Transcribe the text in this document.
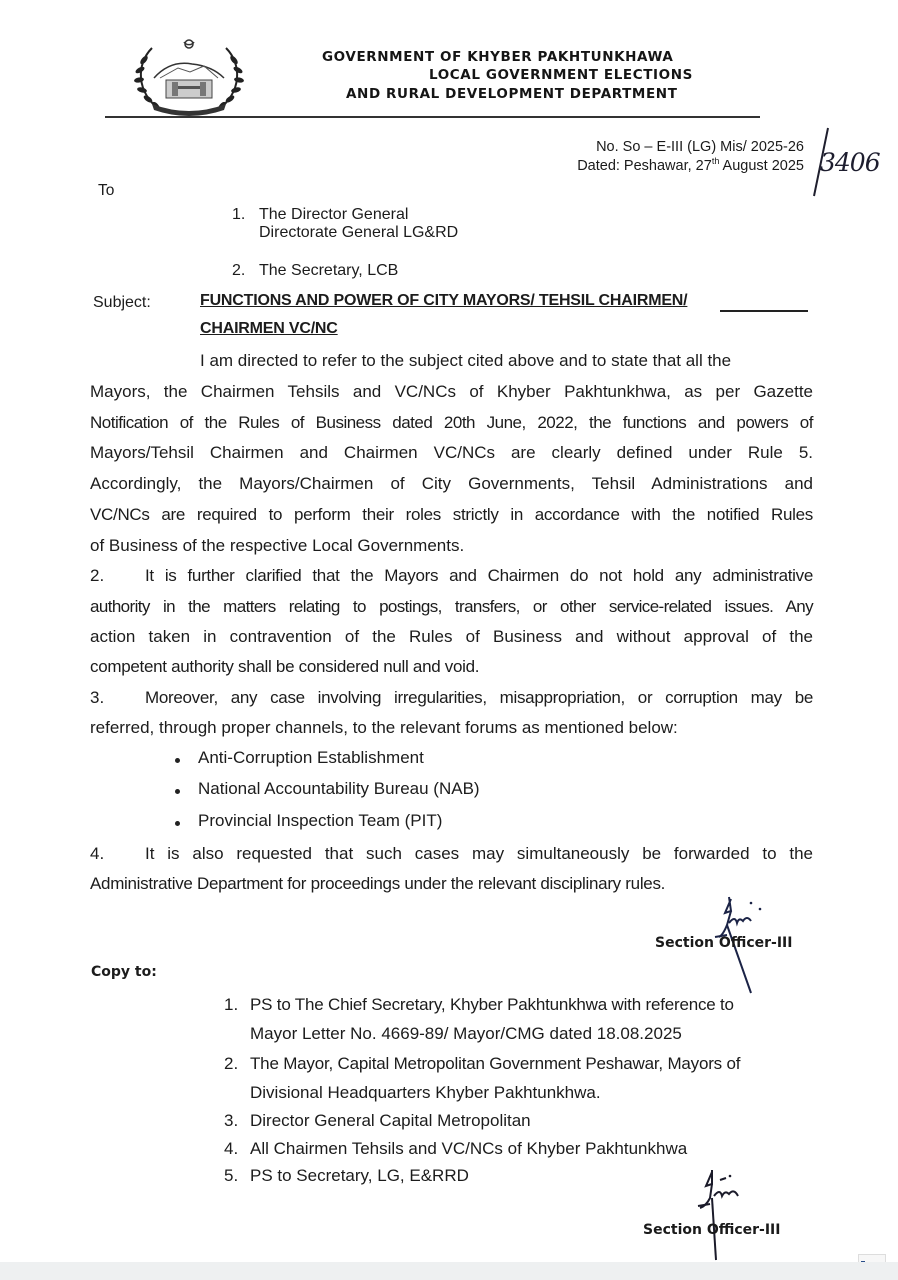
GOVERNMENT OF KHYBER PAKHTUNKHAWA
LOCAL GOVERNMENT ELECTIONS
AND RURAL DEVELOPMENT DEPARTMENT
No. So – E-III (LG) Mis/ 2025-26
Dated: Peshawar, 27th August 2025 3406
To
1. The Director General
Directorate General LG&RD
2. The Secretary, LCB
Subject:	FUNCTIONS AND POWER OF CITY MAYORS/ TEHSIL CHAIRMEN/
CHAIRMEN VC/NC
I am directed to refer to the subject cited above and to state that all the
Mayors, the Chairmen Tehsils and VC/NCs of Khyber Pakhtunkhwa, as per Gazette
Notification of the Rules of Business dated 20th June, 2022, the functions and powers of
Mayors/Tehsil Chairmen and Chairmen VC/NCs are clearly defined under Rule 5.
Accordingly, the Mayors/Chairmen of City Governments, Tehsil Administrations and
VC/NCs are required to perform their roles strictly in accordance with the notified Rules
of Business of the respective Local Governments.
2. It is further clarified that the Mayors and Chairmen do not hold any administrative
authority in the matters relating to postings, transfers, or other service-related issues. Any
action taken in contravention of the Rules of Business and without approval of the
competent authority shall be considered null and void.
3. Moreover, any case involving irregularities, misappropriation, or corruption may be
referred, through proper channels, to the relevant forums as mentioned below:
Anti-Corruption Establishment
National Accountability Bureau (NAB)
Provincial Inspection Team (PIT)
4. It is also requested that such cases may simultaneously be forwarded to the
Administrative Department for proceedings under the relevant disciplinary rules.
Section Officer-III
Copy to:
1. PS to The Chief Secretary, Khyber Pakhtunkhwa with reference to
Mayor Letter No. 4669-89/ Mayor/CMG dated 18.08.2025
2. The Mayor, Capital Metropolitan Government Peshawar, Mayors of
Divisional Headquarters Khyber Pakhtunkhwa.
3. Director General Capital Metropolitan
4. All Chairmen Tehsils and VC/NCs of Khyber Pakhtunkhwa
5. PS to Secretary, LG, E&RRD
Section Officer-III
